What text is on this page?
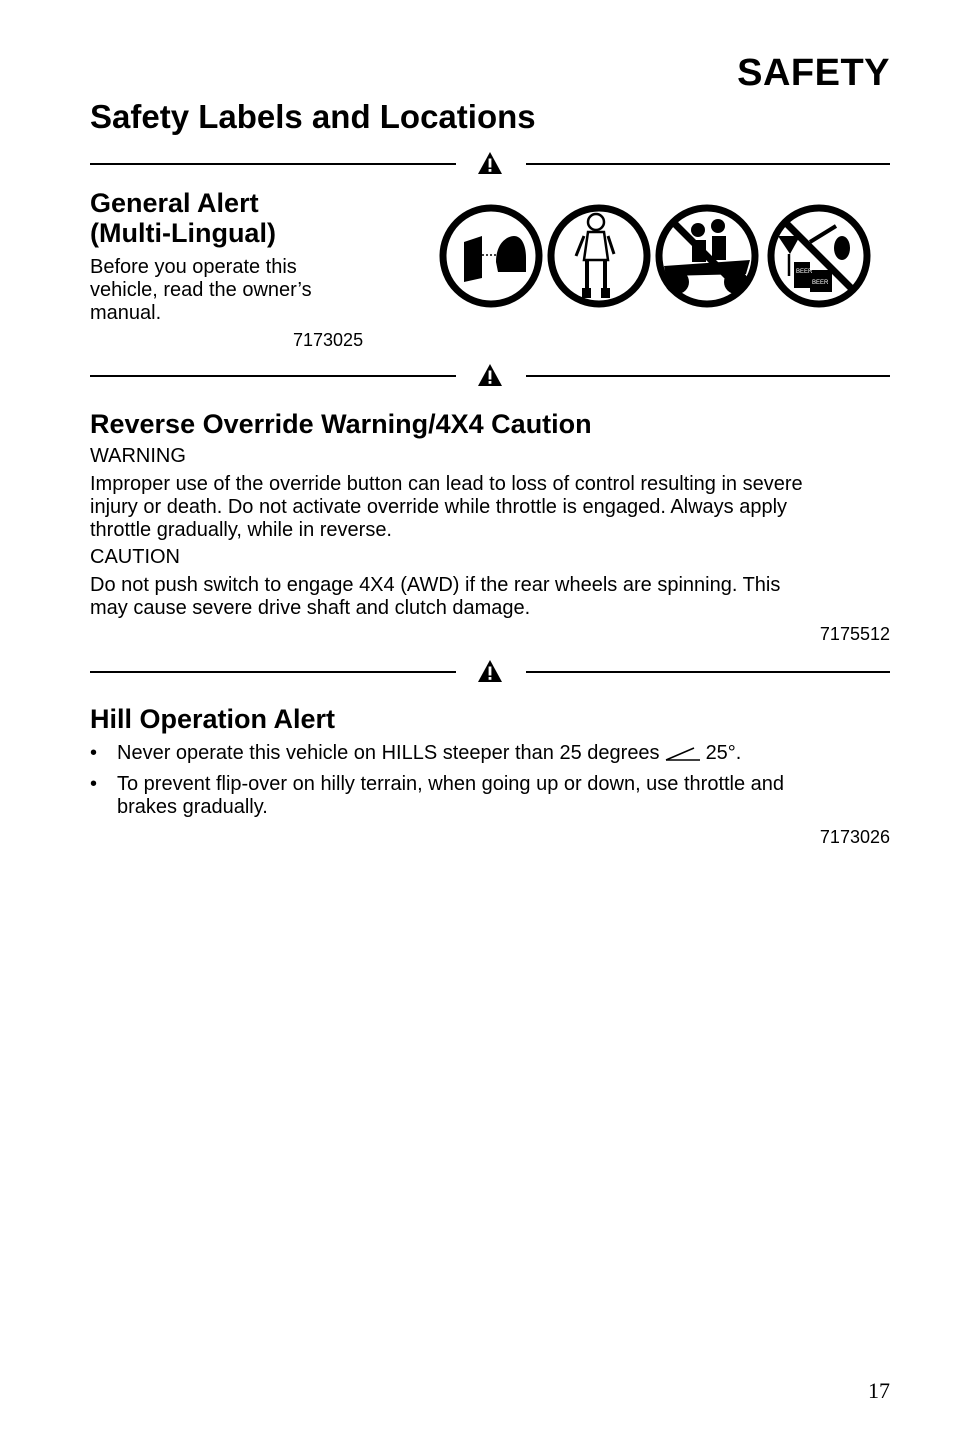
SAFETY
Safety Labels and Locations
General Alert
(Multi-Lingual)
Before you operate this
vehicle, read the owner’s
manual.
7173025
BEER
BEER
Reverse Override Warning/4X4 Caution
WARNING
Improper use of the override button can lead to loss of control resulting in severe
injury or death. Do not activate override while throttle is engaged. Always apply
throttle gradually, while in reverse.
CAUTION
Do not push switch to engage 4X4 (AWD) if the rear wheels are spinning. This
may cause severe drive shaft and clutch damage.
7175512
Hill Operation Alert
• Never operate this vehicle on HILLS steeper than 25 degrees 25°.
• To prevent flip-over on hilly terrain, when going up or down, use throttle and
brakes gradually.
7173026
17
